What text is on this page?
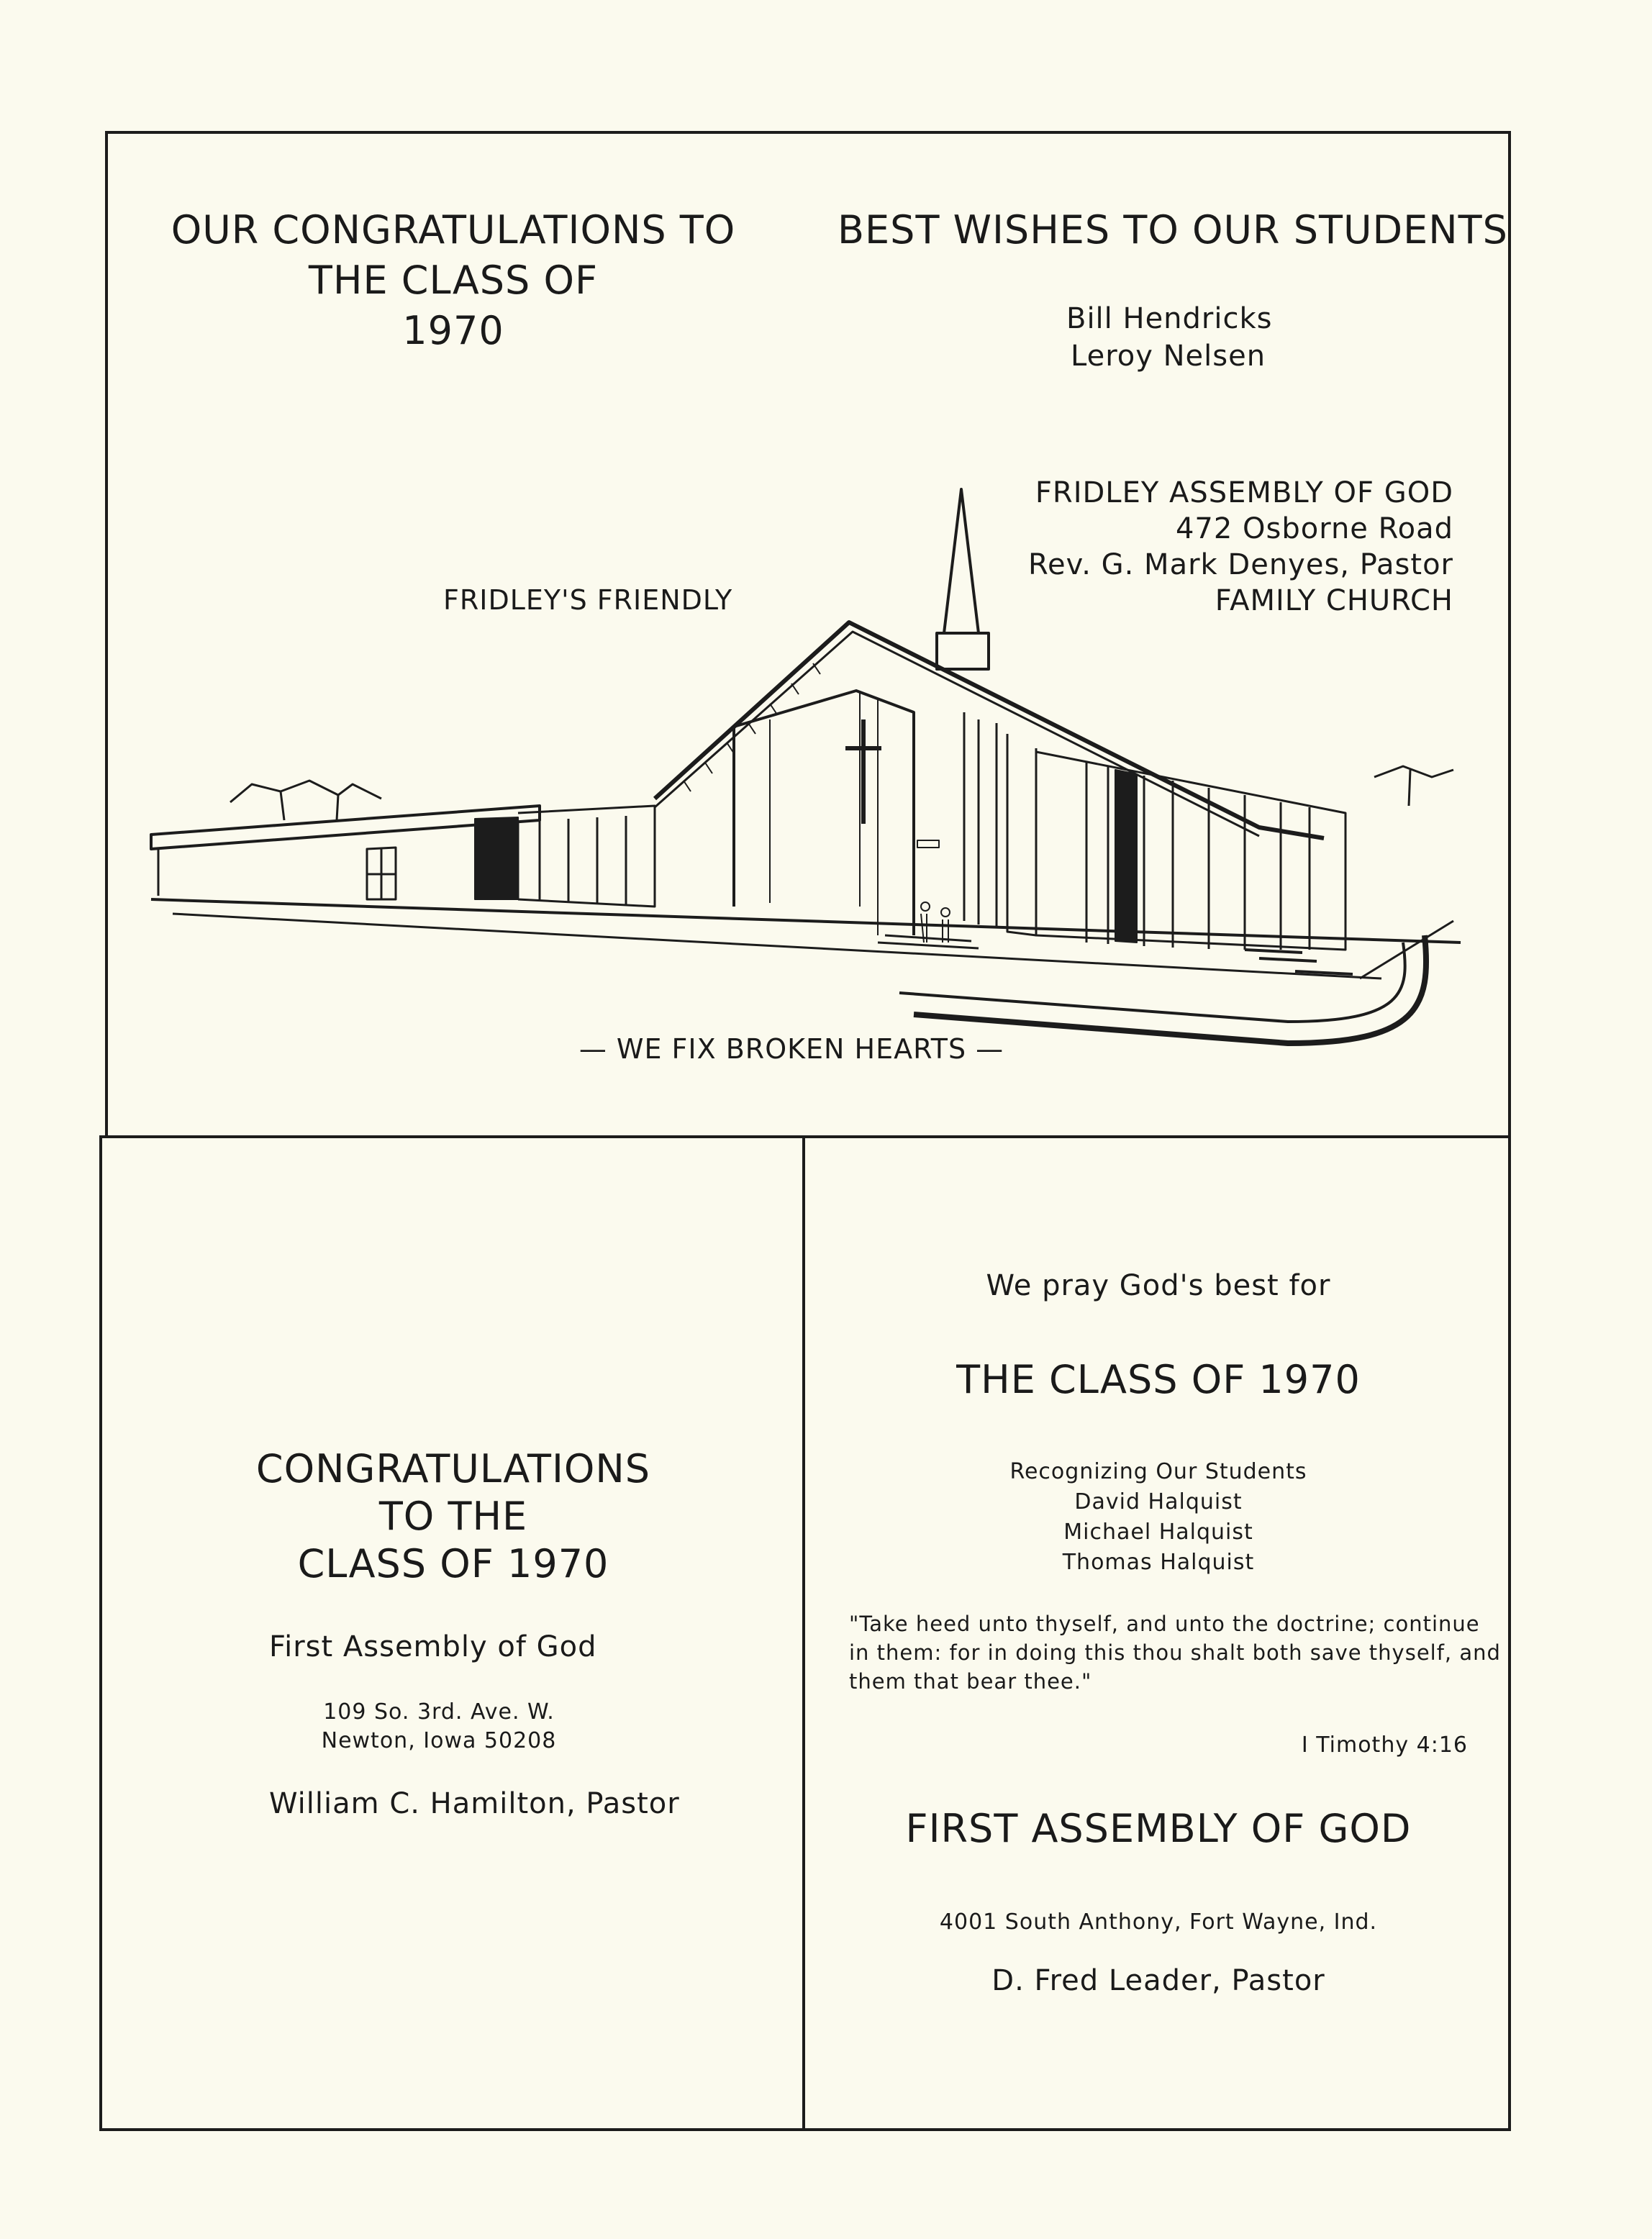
OUR CONGRATULATIONS TO
THE CLASS OF
1970
BEST WISHES TO OUR STUDENTS
Bill Hendricks
Leroy Nelsen
FRIDLEY ASSEMBLY OF GOD
472 Osborne Road
Rev. G. Mark Denyes, Pastor
FAMILY CHURCH
FRIDLEY'S FRIENDLY
— WE FIX BROKEN HEARTS —
CONGRATULATIONS
TO THE
CLASS OF 1970
First Assembly of God
109 So. 3rd. Ave. W.
Newton, Iowa 50208
William C. Hamilton, Pastor
We pray God's best for
THE CLASS OF 1970
Recognizing Our Students
David Halquist
Michael Halquist
Thomas Halquist
"Take heed unto thyself, and unto the doctrine; continue
in them: for in doing this thou shalt both save thyself, and
them that bear thee."
I Timothy 4:16
FIRST ASSEMBLY OF GOD
4001 South Anthony, Fort Wayne, Ind.
D. Fred Leader, Pastor
